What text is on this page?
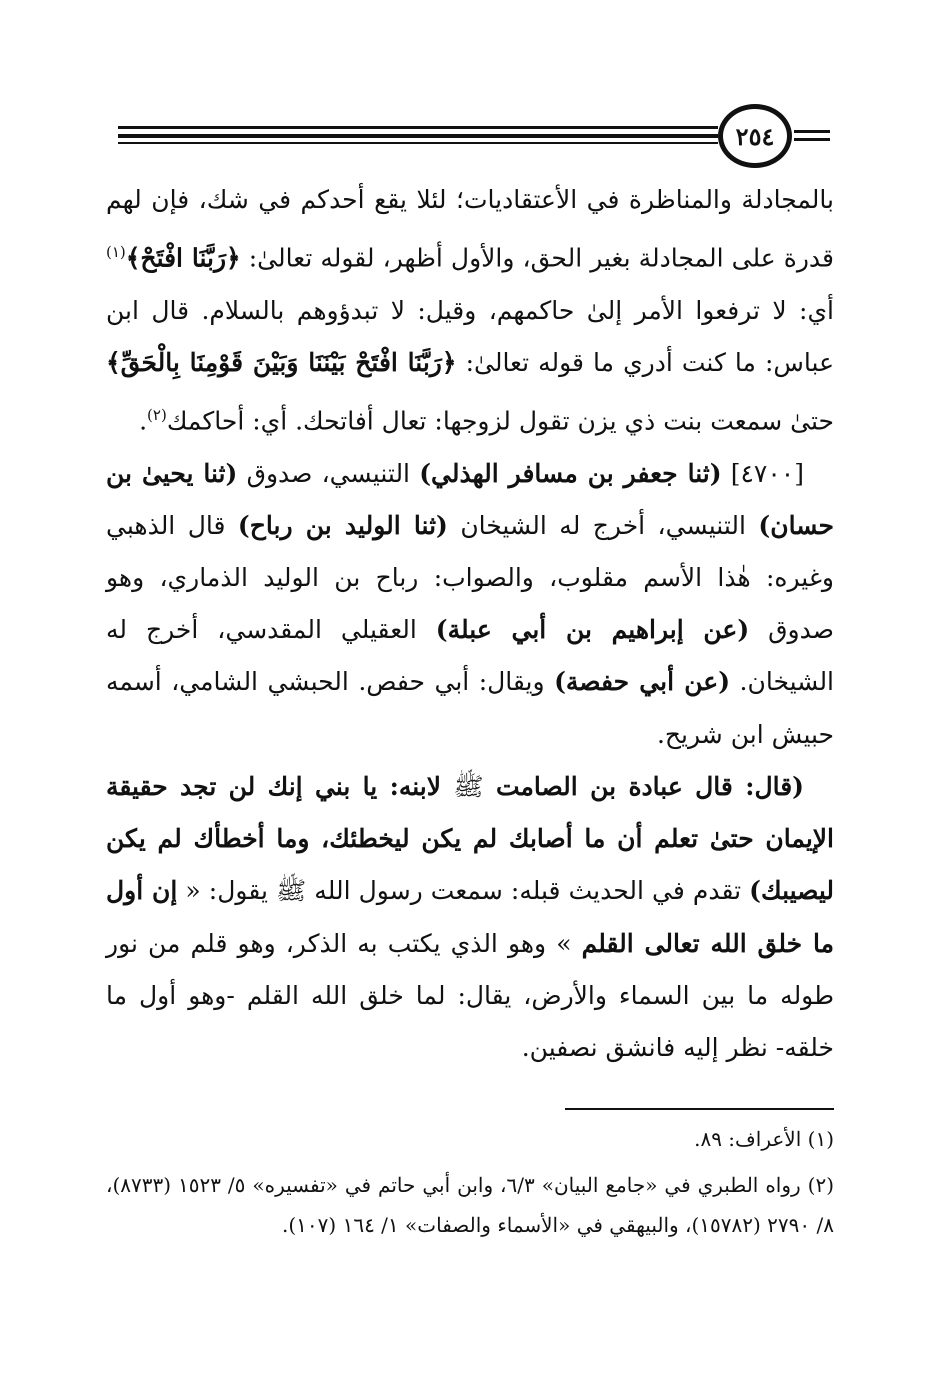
٢٥٤

بالمجادلة والمناظرة في الأعتقاديات؛ لئلا يقع أحدكم في شك، فإن لهم قدرة على المجادلة بغير الحق، والأول أظهر، لقوله تعالىٰ: ﴿رَبَّنَا افْتَحْ﴾$^{(١)}$ أي: لا ترفعوا الأمر إلىٰ حاكمهم، وقيل: لا تبدؤوهم بالسلام. قال ابن عباس: ما كنت أدري ما قوله تعالىٰ: ﴿رَبَّنَا افْتَحْ بَيْنَنَا وَبَيْنَ قَوْمِنَا بِالْحَقِّ﴾ حتىٰ سمعت بنت ذي يزن تقول لزوجها: تعال أفاتحك. أي: أحاكمك$^{(٢)}$.

[٤٧٠٠] (ثنا جعفر بن مسافر الهذلي) التنيسي، صدوق (ثنا يحيىٰ بن حسان) التنيسي، أخرج له الشيخان (ثنا الوليد بن رباح) قال الذهبي وغيره: هٰذا الأسم مقلوب، والصواب: رباح بن الوليد الذماري، وهو صدوق (عن إبراهيم بن أبي عبلة) العقيلي المقدسي، أخرج له الشيخان. (عن أبي حفصة) ويقال: أبي حفص. الحبشي الشامي، أسمه حبيش ابن شريح.

(قال: قال عبادة بن الصامت ﷺ لابنه: يا بني إنك لن تجد حقيقة الإيمان حتىٰ تعلم أن ما أصابك لم يكن ليخطئك، وما أخطأك لم يكن ليصيبك) تقدم في الحديث قبله: سمعت رسول الله ﷺ يقول: « إن أول ما خلق الله تعالى القلم » وهو الذي يكتب به الذكر، وهو قلم من نور طوله ما بين السماء والأرض، يقال: لما خلق الله القلم -وهو أول ما خلقه- نظر إليه فانشق نصفين.

(١) الأعراف: ٨٩.

(٢) رواه الطبري في «جامع البيان» ٦/٣، وابن أبي حاتم في «تفسيره» ٥/ ١٥٢٣ (٨٧٣٣)، ٨/ ٢٧٩٠ (١٥٧٨٢)، والبيهقي في «الأسماء والصفات» ١/ ١٦٤ (١٠٧).
